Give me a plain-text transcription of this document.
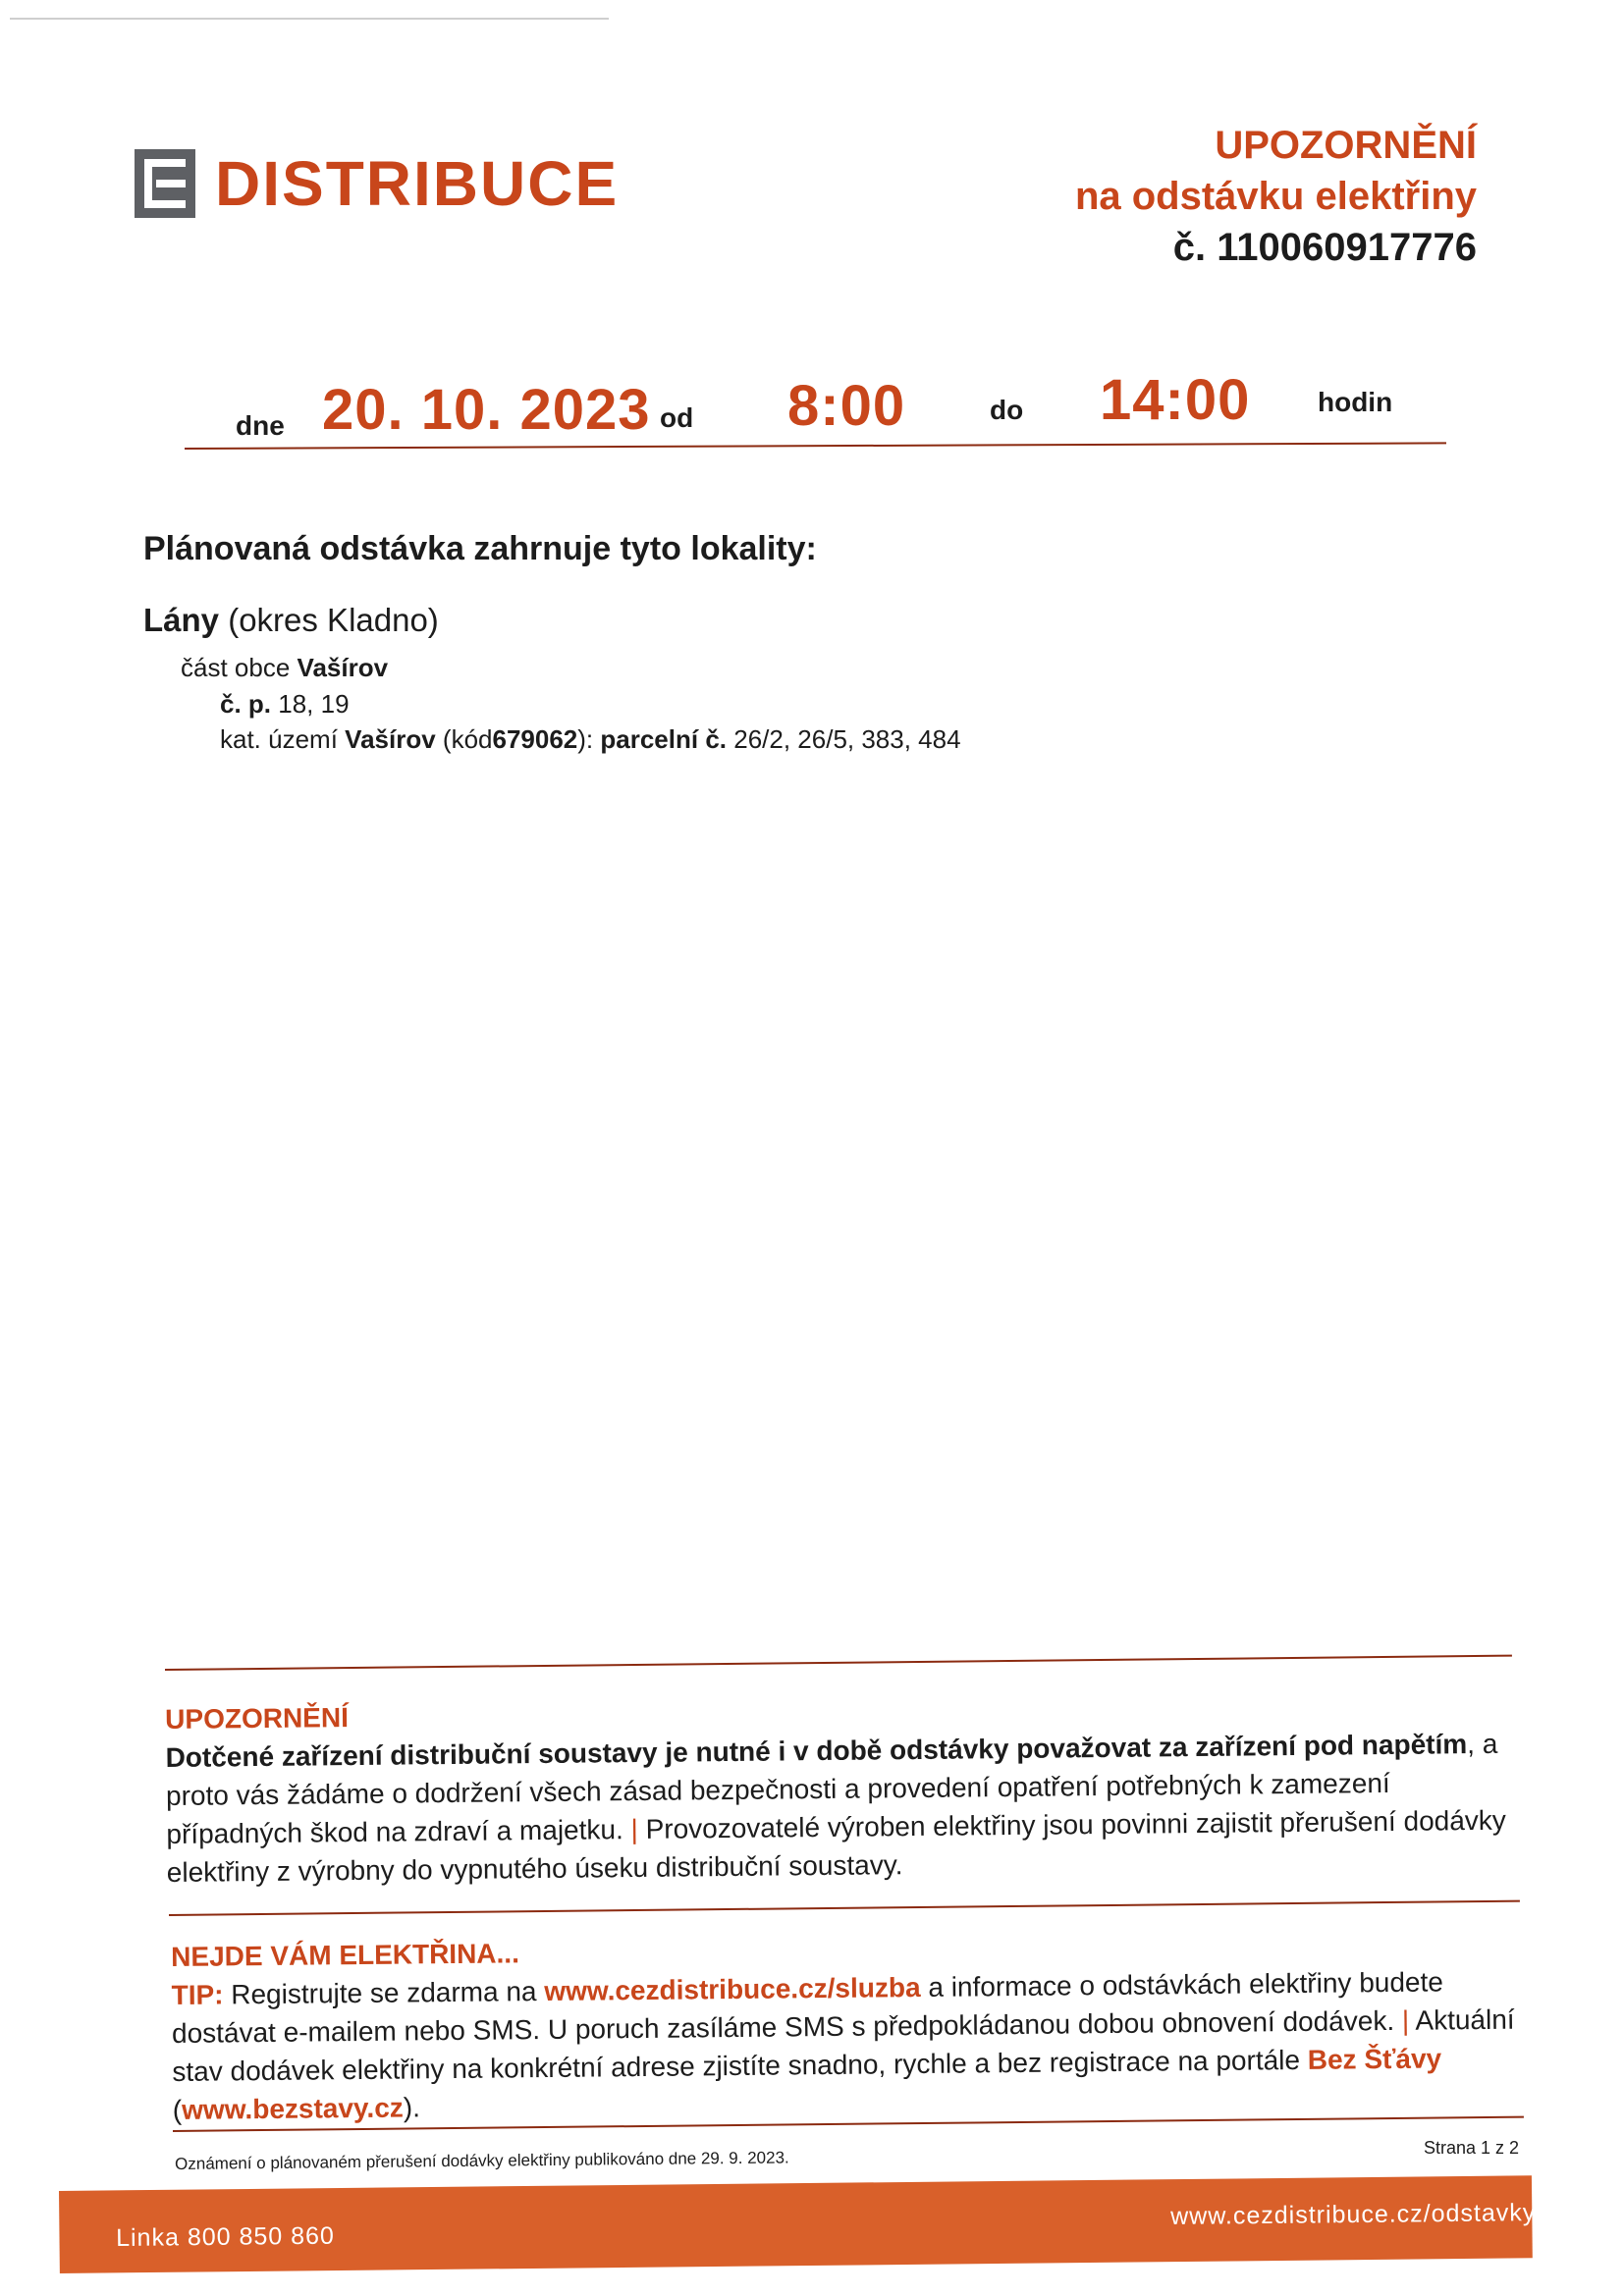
DISTRIBUCE
UPOZORNĚNÍ
na odstávku elektřiny
č. 110060917776
dne 20. 10. 2023 od 8:00	do 14:00 hodin
Plánovaná odstávka zahrnuje tyto lokality:
Lány (okres Kladno)
část obce Vašírov
č. p. 18, 19
kat. území Vašírov (kód679062): parcelní č. 26/2, 26/5, 383, 484
UPOZORNĚNÍ
Dotčené zařízení distribuční soustavy je nutné i v době odstávky považovat za zařízení pod napětím, a proto vás žádáme o dodržení všech zásad bezpečnosti a provedení opatření potřebných k zamezení případných škod na zdraví a majetku. | Provozovatelé výroben elektřiny jsou povinni zajistit přerušení dodávky elektřiny z výrobny do vypnutého úseku distribuční soustavy.
NEJDE VÁM ELEKTŘINA...
TIP: Registrujte se zdarma na www.cezdistribuce.cz/sluzba a informace o odstávkách elektřiny budete dostávat e-mailem nebo SMS. U poruch zasíláme SMS s předpokládanou dobou obnovení dodávek. | Aktuální stav dodávek elektřiny na konkrétní adrese zjistíte snadno, rychle a bez registrace na portále Bez Šťávy (www.bezstavy.cz).
Oznámení o plánovaném přerušení dodávky elektřiny publikováno dne 29. 9. 2023.
Strana 1 z 2
Linka 800 850 860
www.cezdistribuce.cz/odstavky
